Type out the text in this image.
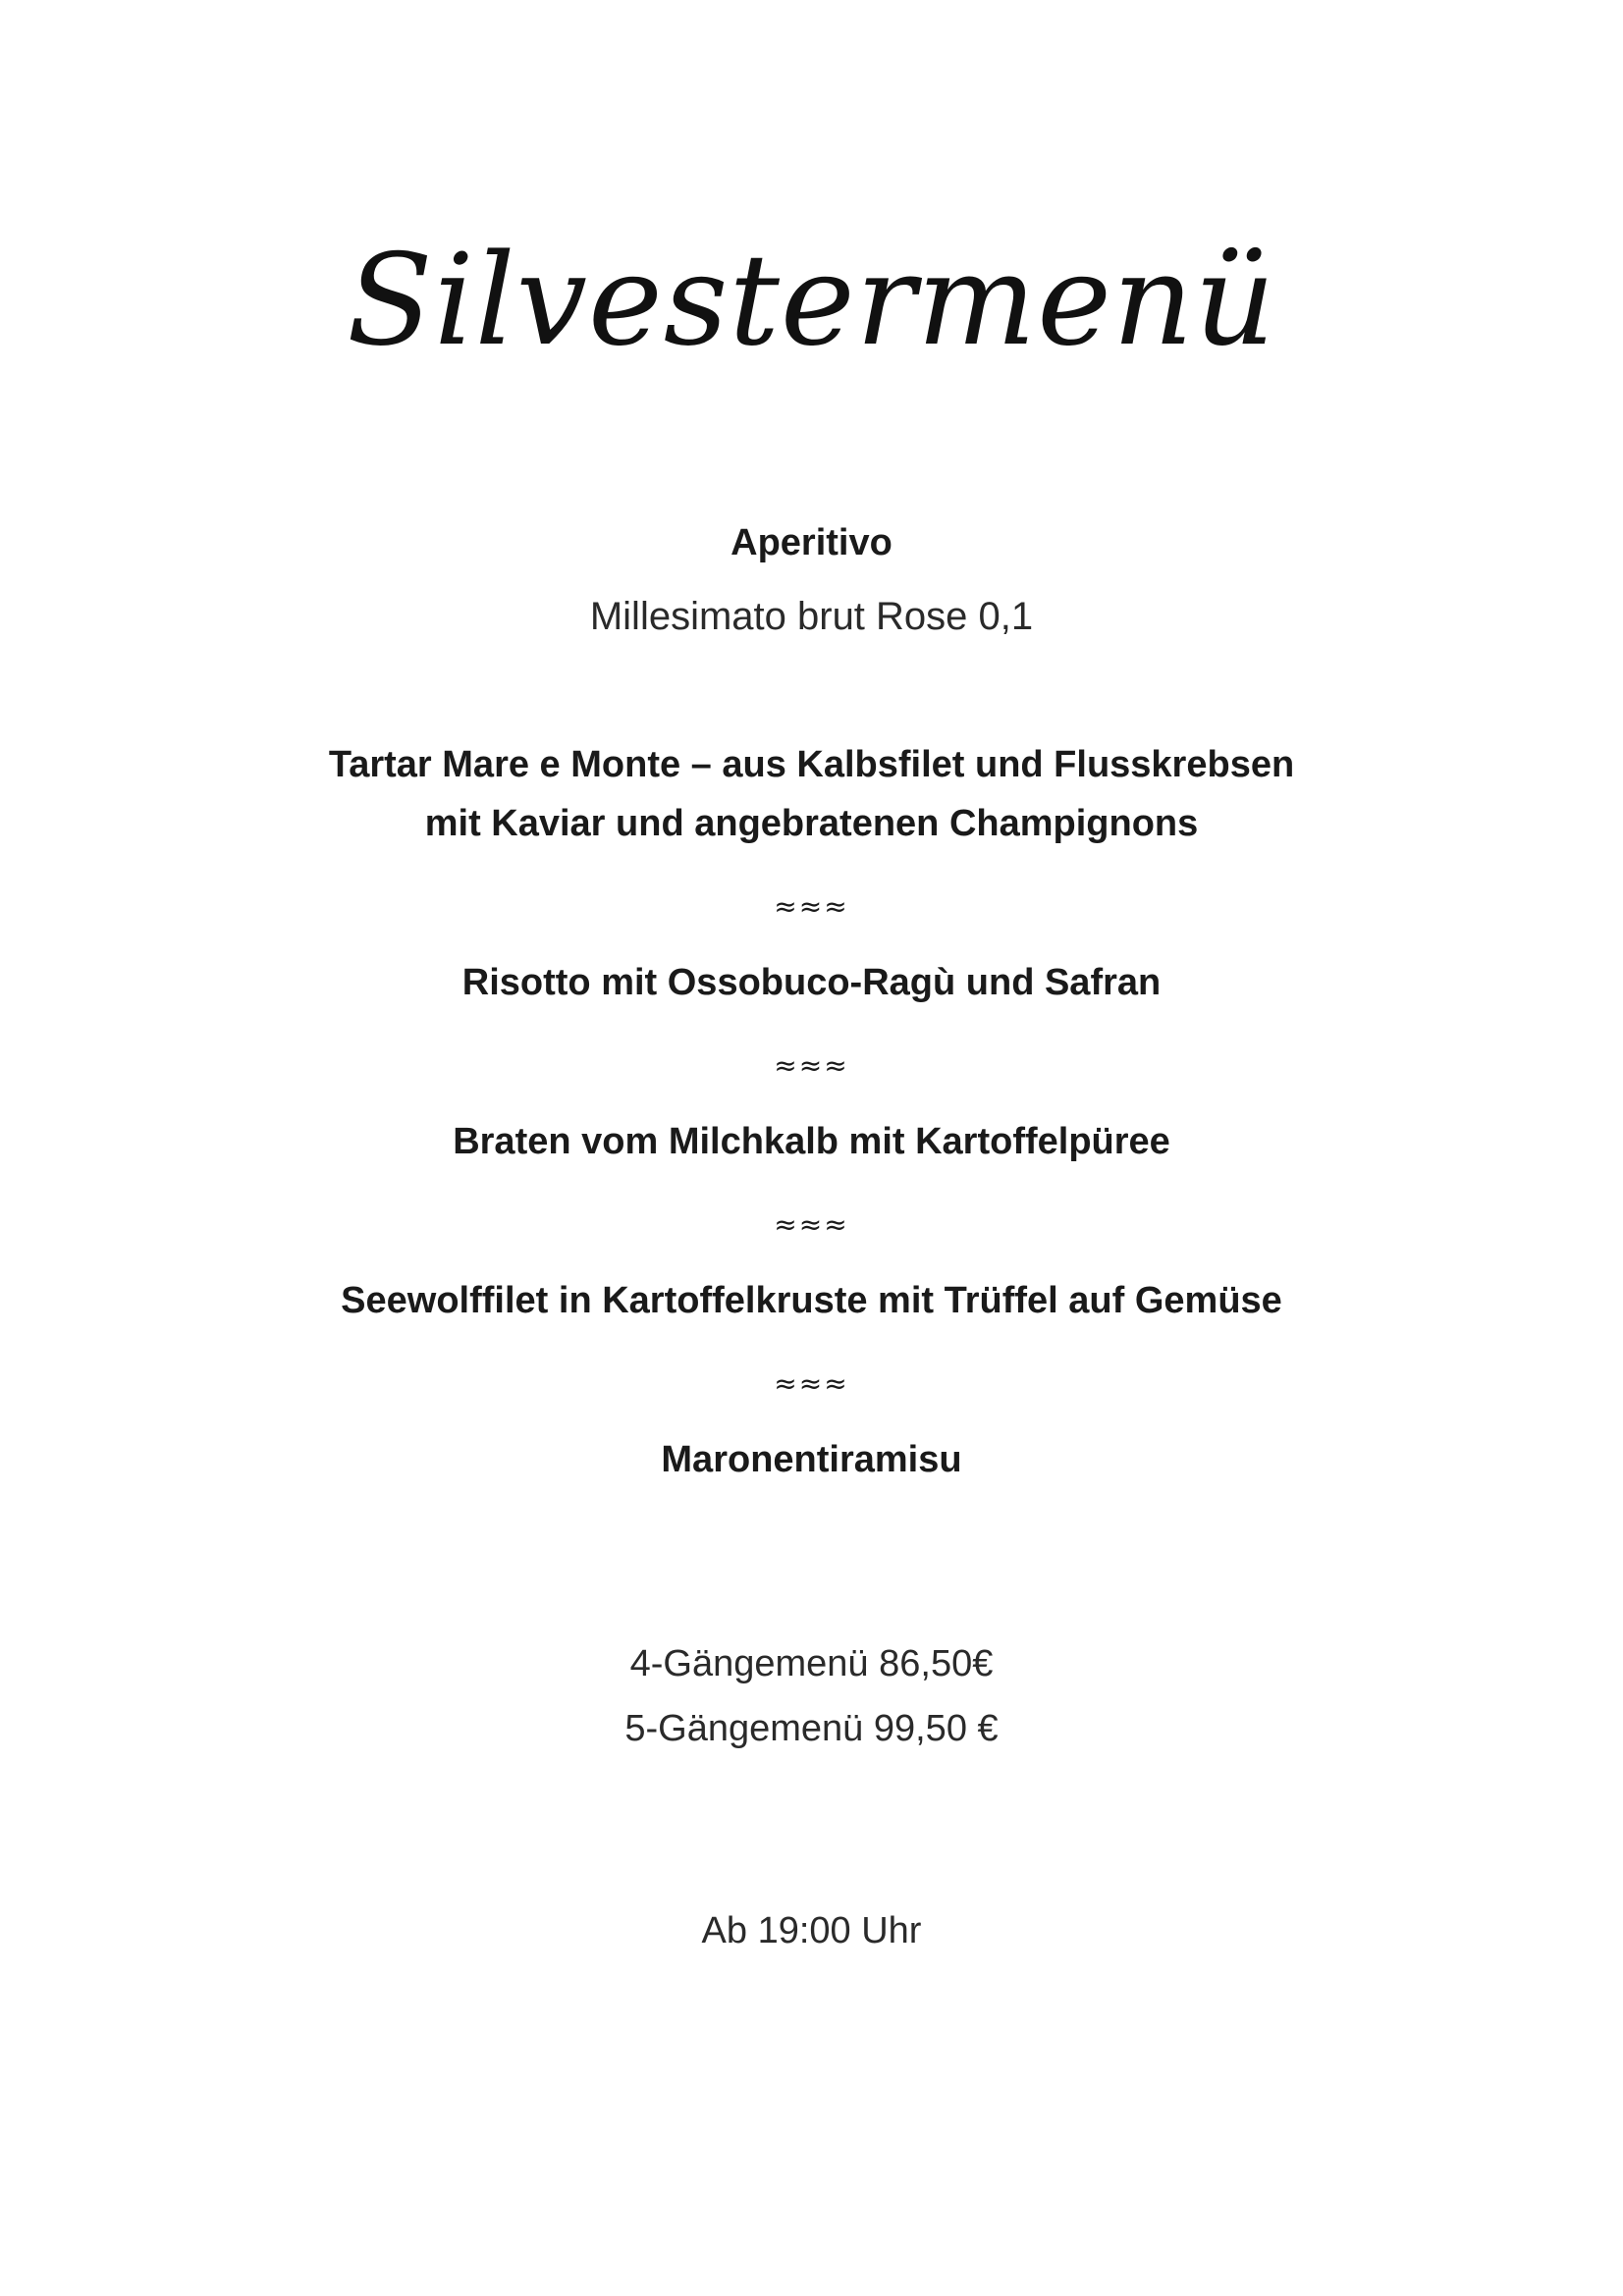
Silvestermenü
Aperitivo
Millesimato brut Rose 0,1
Tartar Mare e Monte – aus Kalbsfilet und Flusskrebsen
mit Kaviar und angebratenen Champignons
≈≈≈
Risotto mit Ossobuco-Ragù und Safran
≈≈≈
Braten vom Milchkalb mit Kartoffelpüree
≈≈≈
Seewolffilet in Kartoffelkruste mit Trüffel auf Gemüse
≈≈≈
Maronentiramisu
4-Gängemenü 86,50€
5-Gängemenü 99,50 €
Ab 19:00 Uhr
